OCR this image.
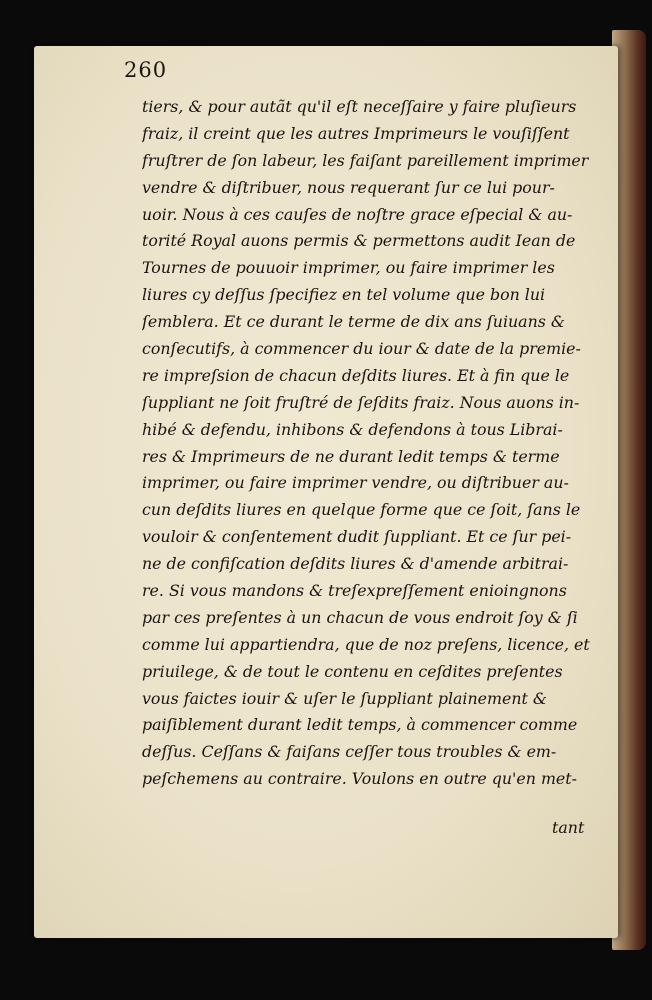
260
tiers, & pour autãt qu'il eſt neceſſaire y faire pluſieurs
fraiz, il creint que les autres Imprimeurs le vouſiſſent
fruſtrer de ſon labeur, les faiſant pareillement imprimer
vendre & diſtribuer, nous requerant ſur ce lui pour-
uoir. Nous à ces cauſes de noſtre grace eſpecial & au-
torité Royal auons permis & permettons audit Iean de
Tournes de pouuoir imprimer, ou faire imprimer les
liures cy deſſus ſpecifiez en tel volume que bon lui
ſemblera. Et ce durant le terme de dix ans ſuiuans &
conſecutifs, à commencer du iour & date de la premie-
re impreſsion de chacun deſdits liures. Et à fin que le
ſuppliant ne ſoit fruſtré de ſeſdits fraiz. Nous auons in-
hibé & defendu, inhibons & defendons à tous Librai-
res & Imprimeurs de ne durant ledit temps & terme
imprimer, ou faire imprimer vendre, ou diſtribuer au-
cun deſdits liures en quelque forme que ce ſoit, ſans le
vouloir & conſentement dudit ſuppliant. Et ce ſur pei-
ne de confiſcation deſdits liures & d'amende arbitrai-
re. Si vous mandons & treſexpreſſement enioingnons
par ces preſentes à un chacun de vous endroit ſoy & ſi
comme lui appartiendra, que de noz preſens, licence, et
priuilege, & de tout le contenu en ceſdites preſentes
vous faictes iouir & uſer le ſuppliant plainement &
paiſiblement durant ledit temps, à commencer comme
deſſus. Ceſſans & faiſans ceſſer tous troubles & em-
peſchemens au contraire. Voulons en outre qu'en met-
tant
